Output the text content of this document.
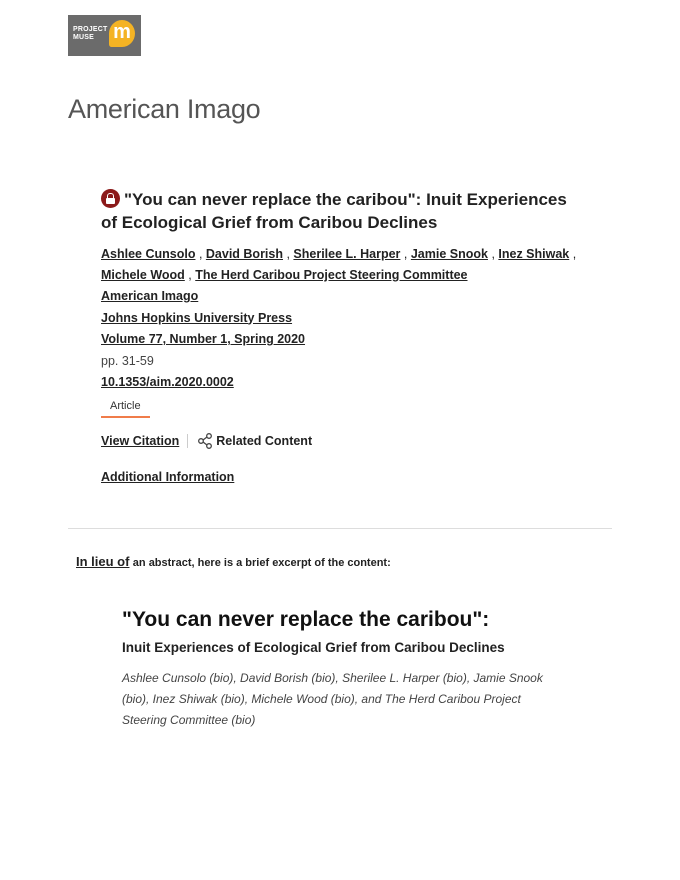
PROJECT
MUSE m
American Imago
"You can never replace the caribou": Inuit Experiences of Ecological Grief from Caribou Declines
Ashlee Cunsolo , David Borish , Sherilee L. Harper , Jamie Snook , Inez Shiwak , Michele Wood , The Herd Caribou Project Steering Committee
American Imago
Johns Hopkins University Press
Volume 77, Number 1, Spring 2020
pp. 31-59
10.1353/aim.2020.0002
Article
View Citation	Related Content
Additional Information
In lieu of an abstract, here is a brief excerpt of the content:
"You can never replace the caribou":
Inuit Experiences of Ecological Grief from Caribou Declines
Ashlee Cunsolo (bio), David Borish (bio), Sherilee L. Harper (bio), Jamie Snook (bio), Inez Shiwak (bio), Michele Wood (bio), and The Herd Caribou Project Steering Committee (bio)
